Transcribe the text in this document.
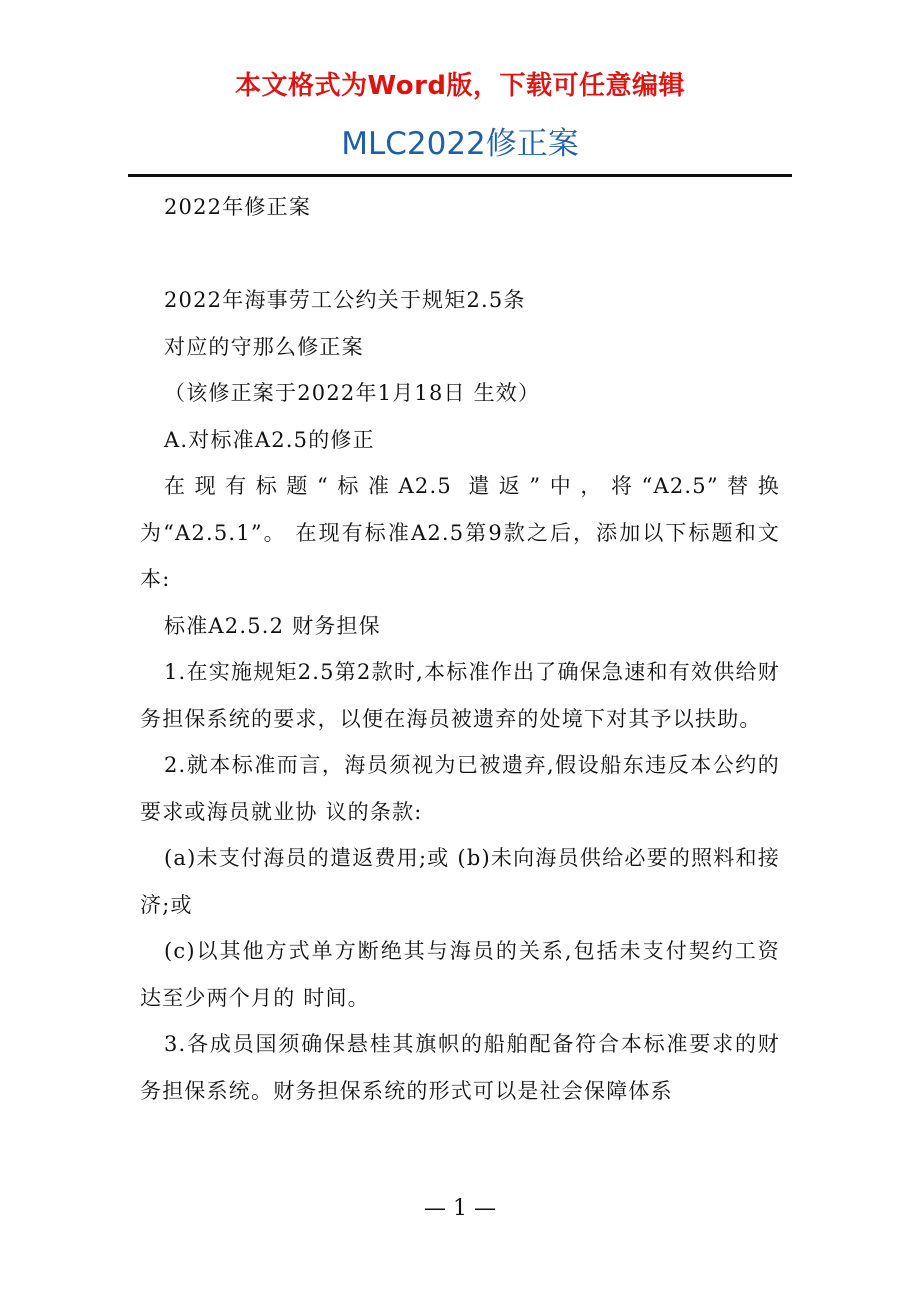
本文格式为Word版，下载可任意编辑
MLC2022修正案

2022年修正案

2022年海事劳工公约关于规矩2.5条

对应的守那么修正案

（该修正案于2022年1月18日 生效）

A.对标准A2.5的修正

在现有标题“标准A2.5 遣返”中，将“A2.5”替换为“A2.5.1”。 在现有标准A2.5第9款之后，添加以下标题和文本:

标准A2.5.2 财务担保

1.在实施规矩2.5第2款时,本标准作出了确保急速和有效供给财务担保系统的要求，以便在海员被遗弃的处境下对其予以扶助。

2.就本标准而言，海员须视为已被遗弃,假设船东违反本公约的要求或海员就业协 议的条款:

(a)未支付海员的遣返费用;或 (b)未向海员供给必要的照料和接济;或

(c)以其他方式单方断绝其与海员的关系,包括未支付契约工资达至少两个月的 时间。

3.各成员国须确保悬桂其旗帜的船舶配备符合本标准要求的财务担保系统。财务担保系统的形式可以是社会保障体系

— 1 —
